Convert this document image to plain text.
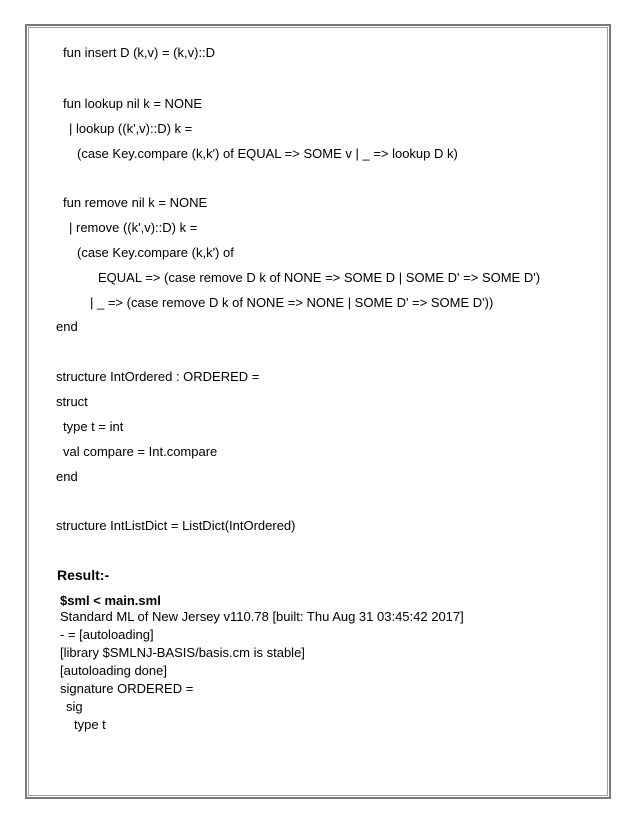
fun insert D (k,v) = (k,v)::D
fun lookup nil k = NONE
| lookup ((k',v)::D) k =
(case Key.compare (k,k') of EQUAL => SOME v | _ => lookup D k)
fun remove nil k = NONE
| remove ((k',v)::D) k =
(case Key.compare (k,k') of
EQUAL => (case remove D k of NONE => SOME D | SOME D' => SOME D')
| _ => (case remove D k of NONE => NONE | SOME D' => SOME D'))
end
structure IntOrdered : ORDERED =
struct
type t = int
val compare = Int.compare
end
structure IntListDict = ListDict(IntOrdered)
Result:-
$sml < main.sml
Standard ML of New Jersey v110.78 [built: Thu Aug 31 03:45:42 2017]
- = [autoloading]
[library $SMLNJ-BASIS/basis.cm is stable]
[autoloading done]
signature ORDERED =
sig
type t
